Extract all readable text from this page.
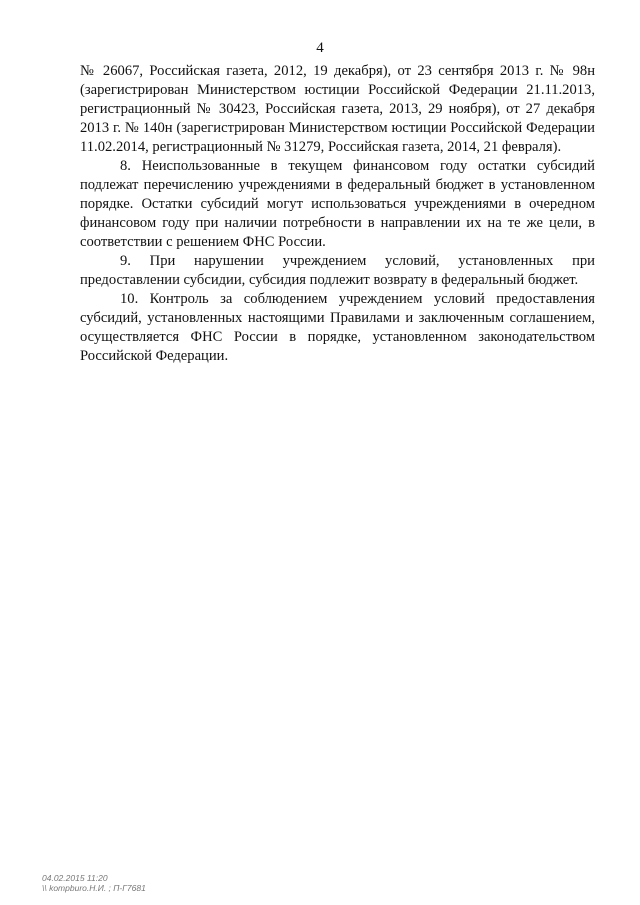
4

№ 26067, Российская газета, 2012, 19 декабря), от 23 сентября 2013 г. № 98н (зарегистрирован Министерством юстиции Российской Федерации 21.11.2013, регистрационный № 30423, Российская газета, 2013, 29 ноября), от 27 декабря 2013 г. № 140н (зарегистрирован Министерством юстиции Российской Федерации 11.02.2014, регистрационный № 31279, Российская газета, 2014, 21 февраля).

8. Неиспользованные в текущем финансовом году остатки субсидий подлежат перечислению учреждениями в федеральный бюджет в установленном порядке. Остатки субсидий могут использоваться учреждениями в очередном финансовом году при наличии потребности в направлении их на те же цели, в соответствии с решением ФНС России.

9. При нарушении учреждением условий, установленных при предоставлении субсидии, субсидия подлежит возврату в федеральный бюджет.

10. Контроль за соблюдением учреждением условий предоставления субсидий, установленных настоящими Правилами и заключенным соглашением, осуществляется ФНС России в порядке, установленном законодательством Российской Федерации.

04.02.2015 11:20
\\ kompburo.Н.И. ; П-Г7681
